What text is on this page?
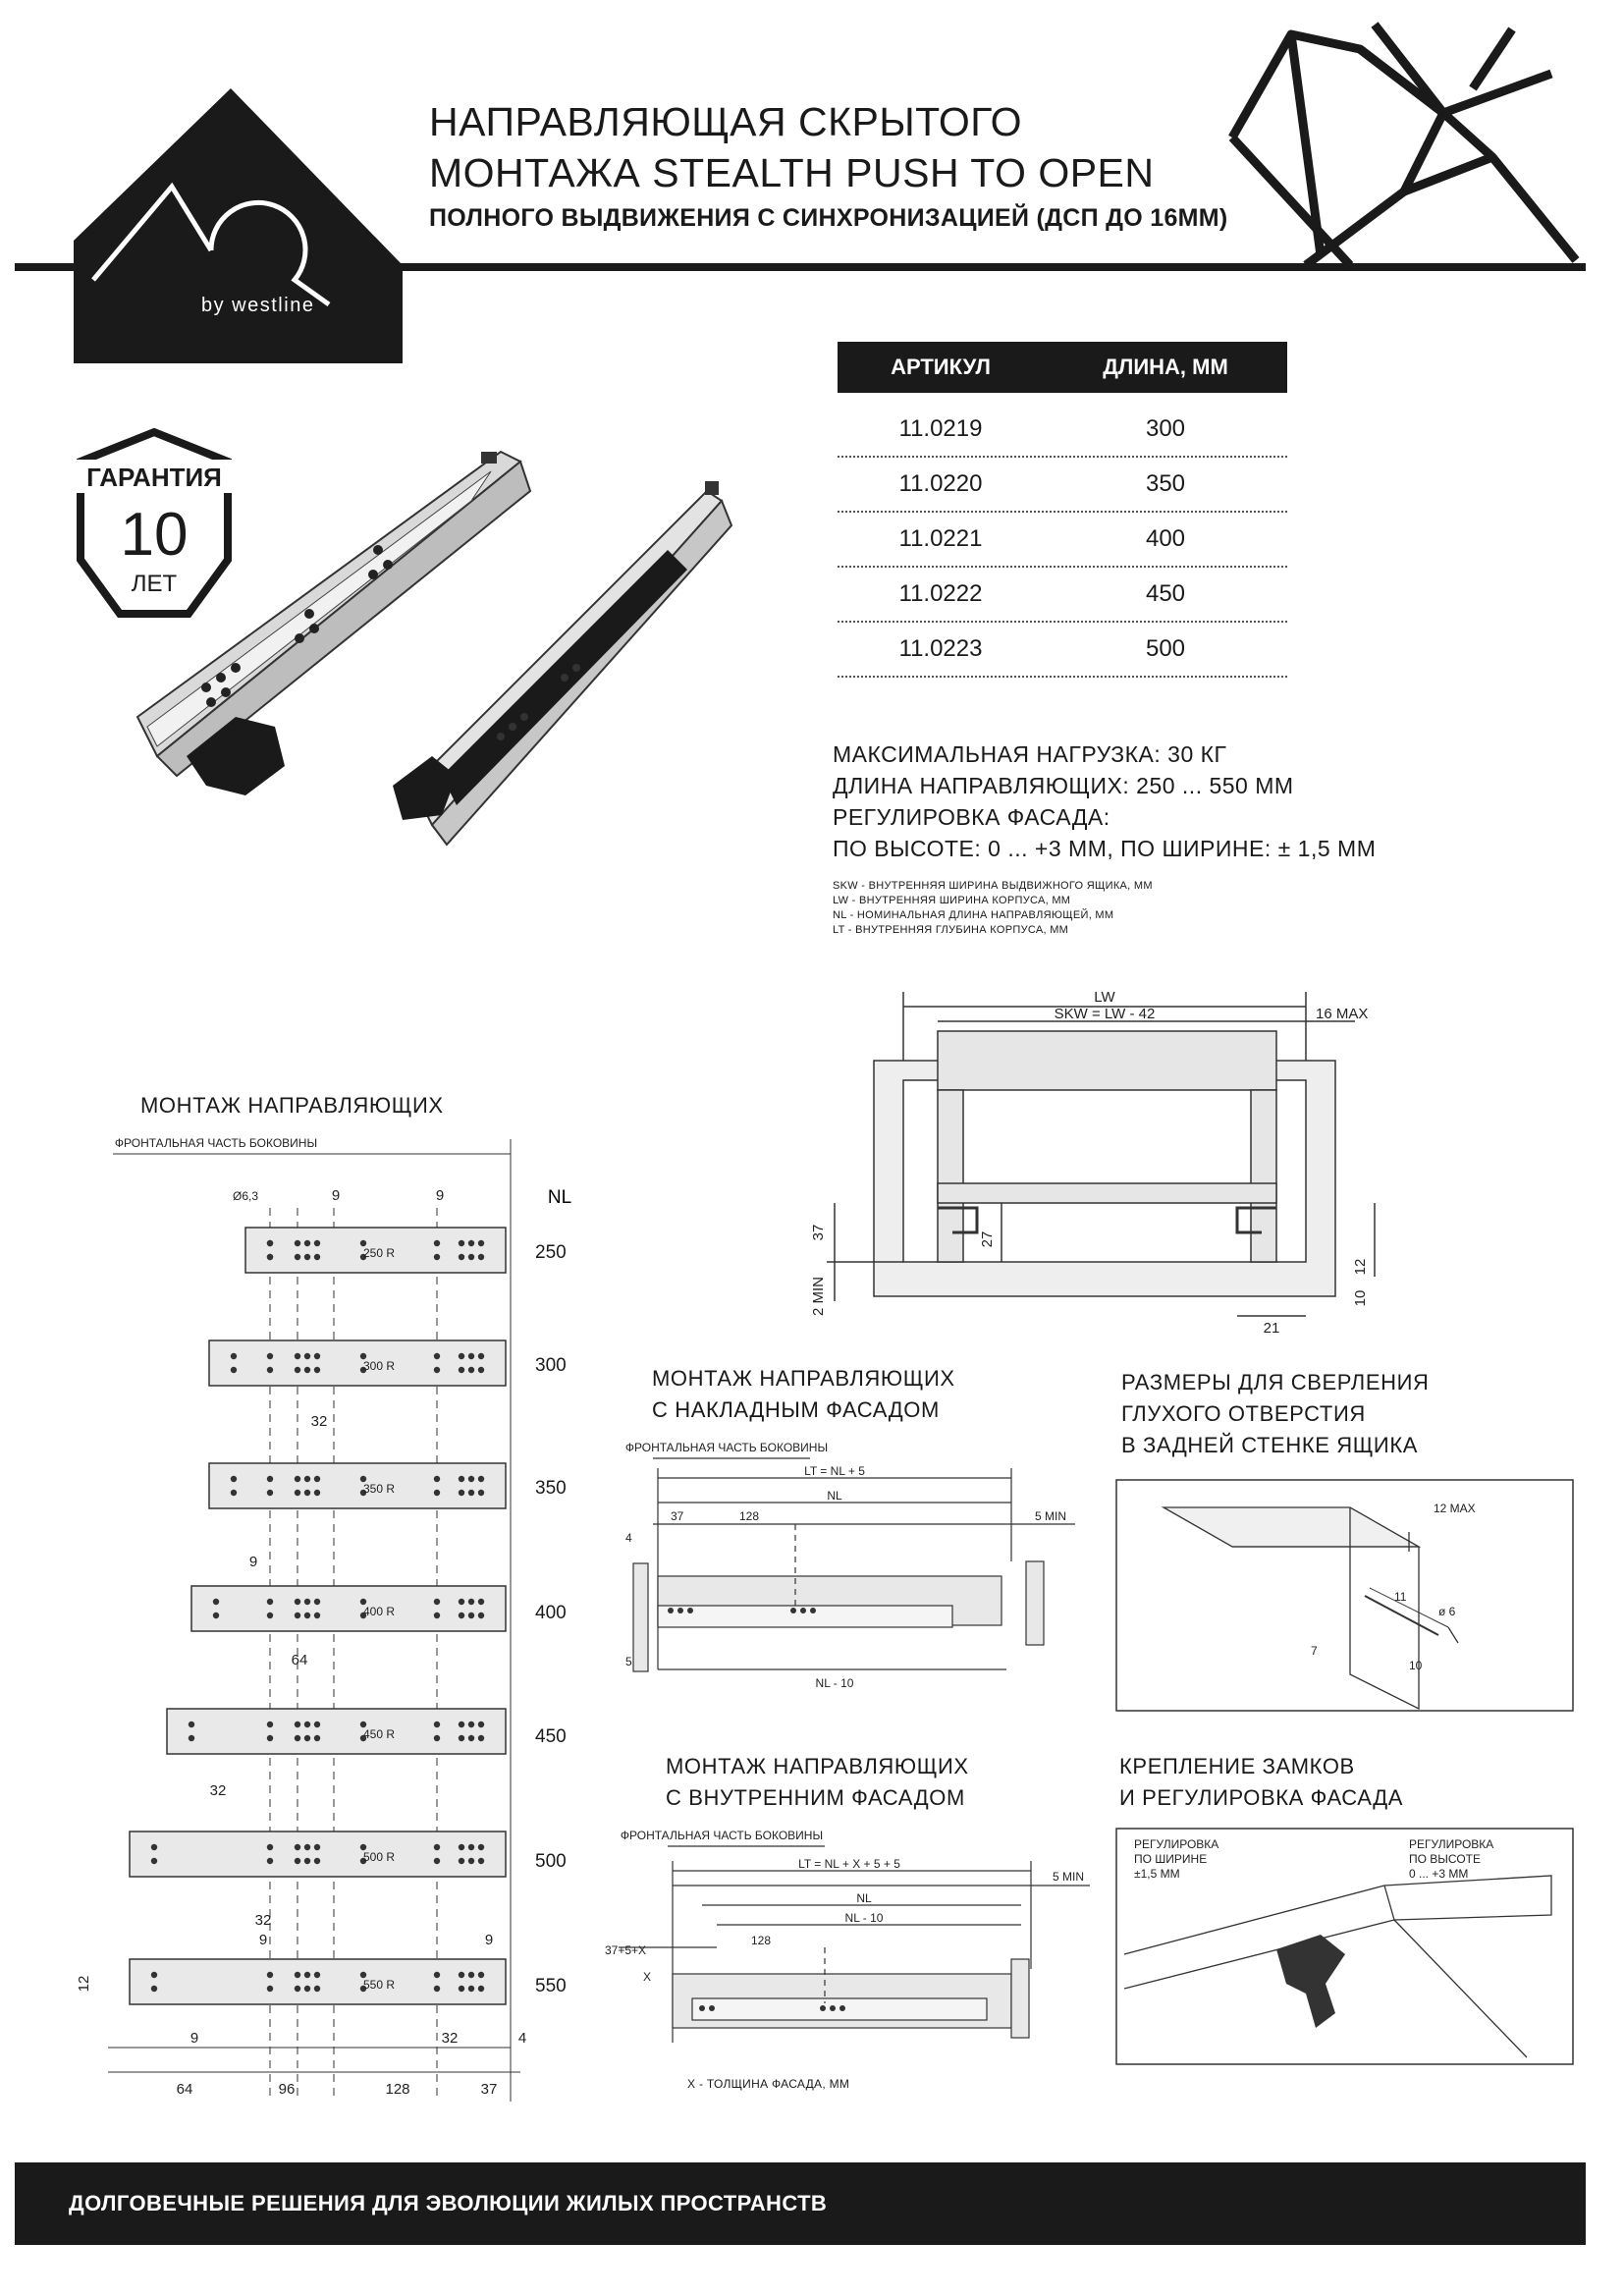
by westline
НАПРАВЛЯЮЩАЯ СКРЫТОГО
МОНТАЖА STEALTH PUSH TO OPEN
ПОЛНОГО ВЫДВИЖЕНИЯ С СИНХРОНИЗАЦИЕЙ (ДСП ДО 16ММ)
ГАРАНТИЯ
10
ЛЕТ
АРТИКУЛ	ДЛИНА, ММ
11.0219	300
11.0220	350
11.0221	400
11.0222	450
11.0223	500
МАКСИМАЛЬНАЯ НАГРУЗКА: 30 КГ
ДЛИНА НАПРАВЛЯЮЩИХ: 250 ... 550 ММ
РЕГУЛИРОВКА ФАСАДА:
ПО ВЫСОТЕ: 0 ... +3 ММ, ПО ШИРИНЕ: ± 1,5 ММ
SKW - ВНУТРЕННЯЯ ШИРИНА ВЫДВИЖНОГО ЯЩИКА, ММ
LW - ВНУТРЕННЯЯ ШИРИНА КОРПУСА, ММ
NL - НОМИНАЛЬНАЯ ДЛИНА НАПРАВЛЯЮЩЕЙ, ММ
LT - ВНУТРЕННЯЯ ГЛУБИНА КОРПУСА, ММ
LW
SKW = LW - 42	16 MAX
37	27
2 MIN	10
12
21
МОНТАЖ НАПРАВЛЯЮЩИХ
ФРОНТАЛЬНАЯ ЧАСТЬ БОКОВИНЫ
NL
Ø6,3	9	9
250 R
300 R
350 R
400 R
450 R
500 R
550 R
32
9
64
32
32
9	9
12
9	32	4
64	96	128	37
250
300
350
400
450
500
550
МОНТАЖ НАПРАВЛЯЮЩИХ
С НАКЛАДНЫМ ФАСАДОМ
ФРОНТАЛЬНАЯ ЧАСТЬ БОКОВИНЫ
LT = NL + 5
NL
5 MIN
4
37	128
5
NL - 10
МОНТАЖ НАПРАВЛЯЮЩИХ
С ВНУТРЕННИМ ФАСАДОМ
ФРОНТАЛЬНАЯ ЧАСТЬ БОКОВИНЫ
LT = NL + X + 5 + 5
5 MIN
NL
NL - 10
37+5+X
128
X
X - ТОЛЩИНА ФАСАДА, ММ
РАЗМЕРЫ ДЛЯ СВЕРЛЕНИЯ
ГЛУХОГО ОТВЕРСТИЯ
В ЗАДНЕЙ СТЕНКЕ ЯЩИКА
12 MAX
11
ø 6
7
10
КРЕПЛЕНИЕ ЗАМКОВ
И РЕГУЛИРОВКА ФАСАДА
РЕГУЛИРОВКА
ПО ШИРИНЕ
±1,5 ММ
РЕГУЛИРОВКА
ПО ВЫСОТЕ
0 ... +3 ММ
ДОЛГОВЕЧНЫЕ РЕШЕНИЯ ДЛЯ ЭВОЛЮЦИИ ЖИЛЫХ ПРОСТРАНСТВ
